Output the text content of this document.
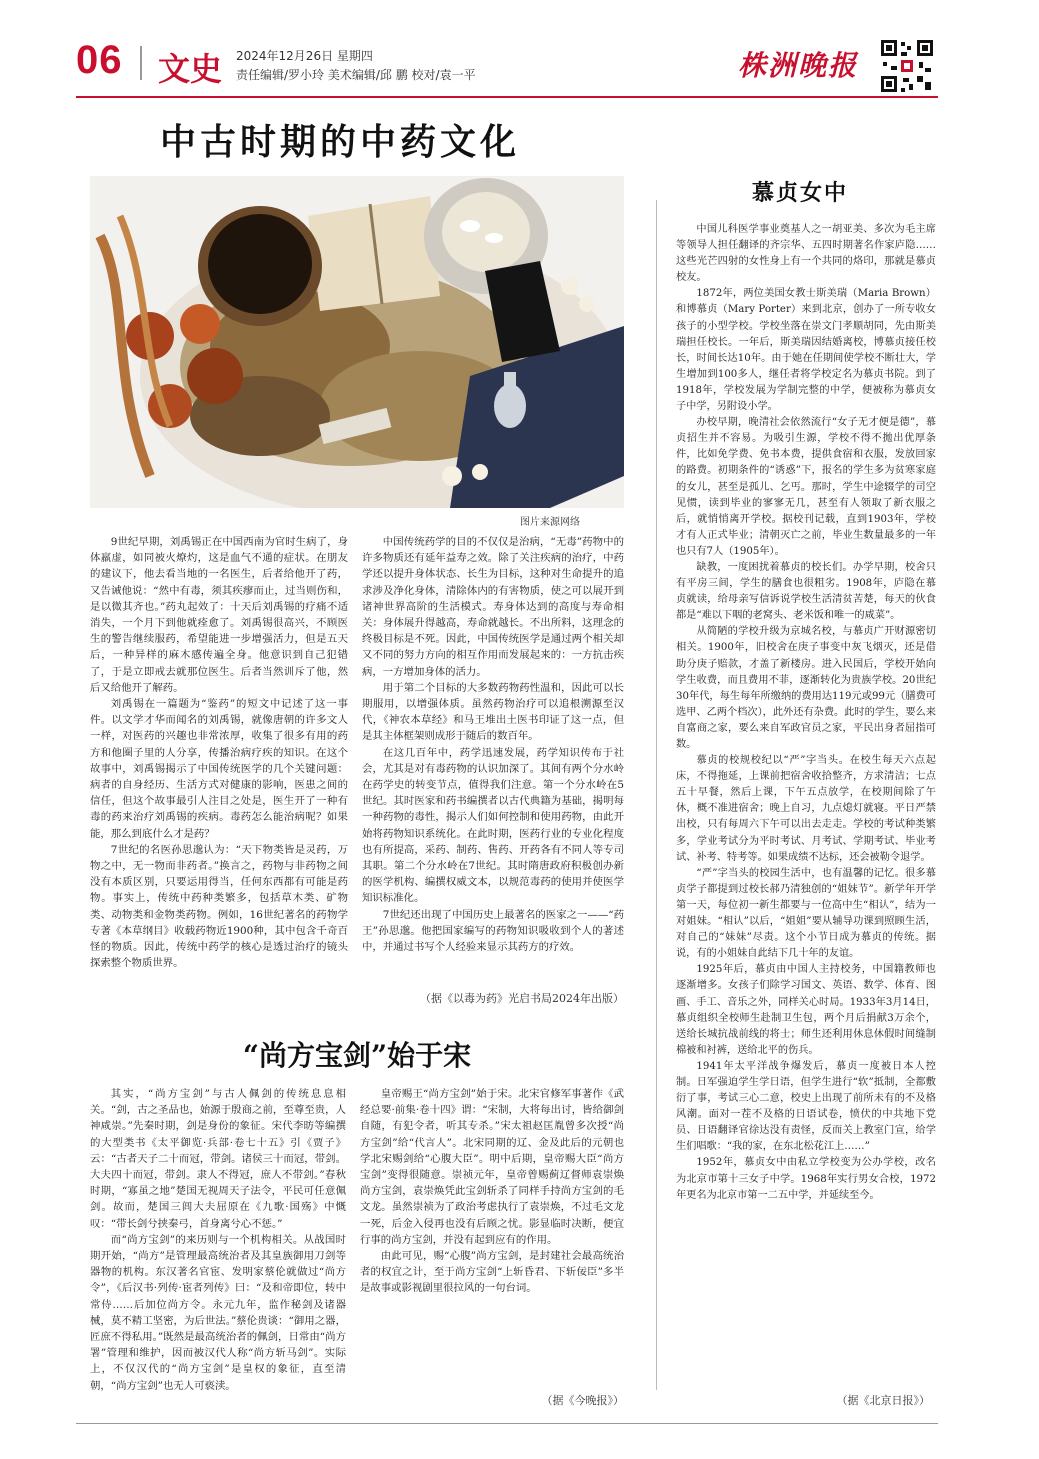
06 文史 2024年12月26日 星期四
责任编辑/罗小玲 美术编辑/邱 鹏 校对/袁一平	株洲晚报
中古时期的中药文化
图片来源网络

9世纪早期，刘禹锡正在中国西南为官时生病了，身体羸虚，如同被火燎灼，这是血气不通的症状。在朋友的建议下，他去看当地的一名医生，后者给他开了药，又告诫他说：“然中有毒，须其疾瘳而止，过当则伤和，是以微其齐也。”药丸起效了：十天后刘禹锡的疗痛不适消失，一个月下到他就痊愈了。刘禹锡很高兴，不顾医生的警告继续服药，希望能进一步增强活力，但是五天后，一种异样的麻木感传遍全身。他意识到自己犯错了，于是立即戒去就那位医生。后者当然训斥了他，然后又给他开了解药。

刘禹锡在一篇题为“鉴药”的短文中记述了这一事件。以文学才华而闻名的刘禹锡，就像唐朝的许多文人一样，对医药的兴趣也非常浓厚，收集了很多有用的药方和他圈子里的人分享，传播治病疗疾的知识。在这个故事中，刘禹锡揭示了中国传统医学的几个关键问题：病者的自身经历、生活方式对健康的影响，医患之间的信任，但这个故事最引人注目之处是，医生开了一种有毒的药来治疗刘禹锡的疾病。毒药怎么能治病呢？如果能，那么到底什么才是药？

7世纪的名医孙思邈认为：“天下物类皆是灵药，万物之中，无一物而非药者。”换言之，药物与非药物之间没有本质区别，只要运用得当，任何东西都有可能是药物。事实上，传统中药种类繁多，包括草木类、矿物类、动物类和金物类药物。例如，16世纪著名的药物学专著《本草纲目》收载药物近1900种，其中包含千奇百怪的物质。因此，传统中药学的核心是透过治疗的镜头探索整个物质世界。

中国传统药学的目的不仅仅是治病，“无毒”药物中的许多物质还有延年益寿之效。除了关注疾病的治疗，中药学还以提升身体状态、长生为目标，这种对生命提升的追求涉及净化身体，清除体内的有害物质，使之可以展开到诸神世界高阶的生活模式。寿身体达到的高度与寿命相关：身体展升得越高，寿命就越长。不出所料，这理念的终极目标是不死。因此，中国传统医学是通过两个相关却又不同的努力方向的相互作用而发展起来的：一方抗击疾病，一方增加身体的活力。

用于第二个目标的大多数药物药性温和，因此可以长期服用，以增强体质。虽然药物治疗可以追根溯源至汉代，《神农本草经》和马王堆出土医书印证了这一点，但是其主体框架则成形于随后的数百年。

在这几百年中，药学迅速发展，药学知识传布于社会，尤其是对有毒药物的认识加深了。其间有两个分水岭在药学史的转变节点，值得我们注意。第一个分水岭在5世纪。其时医家和药书编撰者以古代典籍为基础，揭明每一种药物的毒性，揭示人们如何控制和使用药物，由此开始将药物知识系统化。在此时期，医药行业的专业化程度也有所提高，采药、制药、售药、开药各有不同人等专司其职。第二个分水岭在7世纪。其时隋唐政府积极创办新的医学机构、编撰权威文本，以规范毒药的使用并使医学知识标准化。

7世纪还出现了中国历史上最著名的医家之一——“药王”孙思邈。他把国家编写的药物知识吸收到个人的著述中，并通过书写个人经验来显示其药方的疗效。

（据《以毒为药》光启书局2024年出版）
“尚方宝剑”始于宋

其实，“尚方宝剑”与古人佩剑的传统息息相关。“剑，古之圣品也，始源于殷商之前，至尊至贵，人神咸崇。”先秦时期，剑是身份的象征。宋代李昉等编撰的大型类书《太平御览·兵部·卷七十五》引《贾子》云：“古者天子二十而冠，带剑。诸侯三十而冠，带剑。大夫四十而冠，带剑。隶人不得冠，庶人不带剑。”春秋时期，“寡虽之地”楚国无视周天子法令，平民可任意佩剑。故而，楚国三闾大夫屈原在《九歌·国殇》中慨叹：“带长剑兮挟秦弓，首身离兮心不惩。”

而“尚方宝剑”的来历则与一个机构相关。从战国时期开始，“尚方”是管理最高统治者及其皇族御用刀剑等器物的机构。东汉著名官宦、发明家蔡伦就做过“尚方令”，《后汉书·列传·宦者列传》曰：“及和帝即位，转中常侍……后加位尚方令。永元九年，监作秘剑及诸器械，莫不精工坚密，为后世法。”蔡伦贵谈：“御用之器，匠庶不得私用。”既然是最高统治者的佩剑，日常由“尚方署”管理和维护，因而被汉代人称“尚方斩马剑”。实际上，不仅汉代的“尚方宝剑”是皇权的象征，直至清朝，“尚方宝剑”也无人可亵渎。

皇帝赐王“尚方宝剑”始于宋。北宋官修军事著作《武经总要·前集·卷十四》谓：“宋制，大将每出讨，皆给御剑自随，有犯令者，听其专杀。”宋太祖赵匡胤曾多次授“尚方宝剑”给“代言人”。北宋同期的辽、金及此后的元朝也学北宋赐剑给“心腹大臣”。明中后期，皇帝赐大臣“尚方宝剑”变得很随意。崇祯元年，皇帝曾赐蓟辽督师袁崇焕尚方宝剑，袁崇焕凭此宝剑斩杀了同样手持尚方宝剑的毛文龙。虽然崇祯为了政治考虑执行了袁崇焕，不过毛文龙一死，后金入侵再也没有后顾之忧。影显临时决断，便宜行事的尚方宝剑，并没有起到应有的作用。

由此可见，赐“心腹”尚方宝剑，是封建社会最高统治者的权宜之计，至于尚方宝剑“上斩昏君、下斩佞臣”多半是故事或影视剧里很拉风的一句台词。

（据《今晚报》）
慕贞女中

中国儿科医学事业奠基人之一胡亚美、多次为毛主席等领导人担任翻译的齐宗华、五四时期著名作家庐隐……这些光芒四射的女性身上有一个共同的烙印，那就是慕贞校友。

1872年，两位美国女教士斯美瑞（Maria Brown）和博慕贞（Mary Porter）来到北京，创办了一所专收女孩子的小型学校。学校坐落在崇文门孝顺胡同，先由斯美瑞担任校长。一年后，斯美瑞因结婚离校，博慕贞接任校长，时间长达10年。由于她在任期间使学校不断壮大，学生增加到100多人，继任者将学校定名为慕贞书院。到了1918年，学校发展为学制完整的中学，便被称为慕贞女子中学，另附设小学。

办校早期，晚清社会依然流行“女子无才便是德”，慕贞招生并不容易。为吸引生源，学校不得不拋出优厚条件，比如免学费、免书本费，提供食宿和衣服，发放回家的路费。初期条件的“诱惑”下，报名的学生多为贫寒家庭的女儿，甚至是孤儿、乞丐。那时，学生中途辍学的司空见惯，读到毕业的寥寥无几，甚至有人领取了新衣服之后，就悄悄离开学校。据校刊记载，直到1903年，学校才有人正式毕业；清朝灭亡之前，毕业生数量最多的一年也只有7人（1905年）。

缺教，一度困扰着慕贞的校长们。办学早期，校舍只有平房三间，学生的膳食也很粗劣。1908年，庐隐在慕贞就读，给母亲写信诉说学校生活清贫苦楚，每天的伙食都是“难以下咽的老窝头、老米饭和唯一的咸菜”。

从简陋的学校升级为京城名校，与慕贞广开财源密切相关。1900年，旧校舍在庚子事变中灰飞烟灭，还是借助分庚子赔款，才盖了新楼房。进入民国后，学校开始向学生收费，而且费用不菲，逐渐转化为贵族学校。20世纪30年代，每生每年所缴纳的费用达119元或99元（膳费可选甲、乙两个档次），此外还有杂费。此时的学生，要么来自富商之家，要么来自军政官员之家，平民出身者屈指可数。

慕贞的校规校纪以“严”字当头。在校生每天六点起床，不得拖延，上课前把宿舍收拾整齐，方求清洁；七点五十早餐，然后上课，下午五点放学，在校期间除了午休，概不准进宿舍；晚上自习，九点熄灯就寝。平日严禁出校，只有每周六下午可以出去走走。学校的考试种类繁多，学业考试分为平时考试、月考试、学期考试、毕业考试、补考、特考等。如果成绩不达标，还会被勒令退学。

“严”字当头的校园生活中，也有温馨的记忆。很多慕贞学子都提到过校长郝乃清独创的“姐妹节”。新学年开学第一天，每位初一新生都要与一位高中生“相认”，结为一对姐妹。“相认”以后，“姐姐”要从辅导功课到照顾生活，对自己的“妹妹”尽责。这个小节日成为慕贞的传统。据说，有的小姐妹自此结下几十年的友谊。

1925年后，慕贞由中国人主持校务，中国籍教师也逐渐增多。女孩子们除学习国文、英语、数学、体育、图画、手工、音乐之外，同样关心时局。1933年3月14日，慕贞组织全校师生赴制卫生包，两个月后捐献3万余个，送给长城抗战前线的将士；师生还利用休息休假时间缝制棉被和衬裤，送给北平的伤兵。

1941年太平洋战争爆发后，慕贞一度被日本人控制。日军强迫学生学日语，但学生进行“软”抵制，全都敷衍了事，考试三心二意，校史上出现了前所未有的不及格风潮。面对一茬不及格的日语试卷，愤伏的中共地下党员、日语翻译官徐达没有责怪，反而关上教室门宣，给学生们唱歌：“我的家，在东北松花江上……”

1952年，慕贞女中由私立学校变为公办学校，改名为北京市第十三女子中学。1968年实行男女合校，1972年更名为北京市第一二五中学，并延续至今。

（据《北京日报》）
